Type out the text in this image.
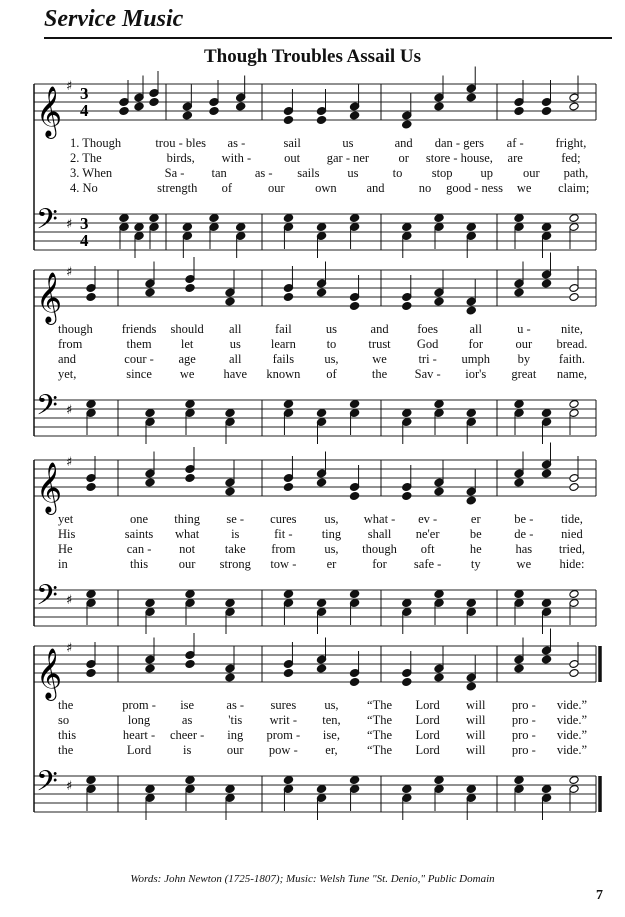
Service Music
Though Troubles Assail Us
𝄞
𝄢
♯
♯
3
4
3
4
𝄞
𝄢
♯
♯
𝄞
𝄢
♯
♯
𝄞
𝄢
♯
♯
1. Though	trou - bles as -	sail	us	and dan - gers af -	fright,
2. The	birds, with -	out gar - ner or store - house, are	fed;
3. When	Sa - tan as - sails us	to stop up our path,
4. No	strength of	our own and	no good - ness we claim;
though	friends should all	fail	us	and foes	all	u - nite,
from	them let	us learn to	trust God for	our bread.
and	cour - age	all fails us,	we	tri - umph by faith.
yet,	since we have known of	the Sav - ior's great name,
yet	one thing se - cures us, what - ev -	er	be - tide,
His	saints what	is	fit - ting shall ne'er be	de - nied
He	can - not take from us, though oft	he	has tried,
in	this our strong tow - er	for safe - ty	we hide:
the	prom - ise	as - sures us, “The Lord will pro - vide.”
so	long	as	'tis writ - ten, “The Lord will pro - vide.”
this	heart - cheer - ing prom - ise, “The Lord will pro - vide.”
the	Lord	is	our pow - er, “The Lord will pro - vide.”
Words: John Newton (1725-1807); Music: Welsh Tune "St. Denio," Public Domain
7
